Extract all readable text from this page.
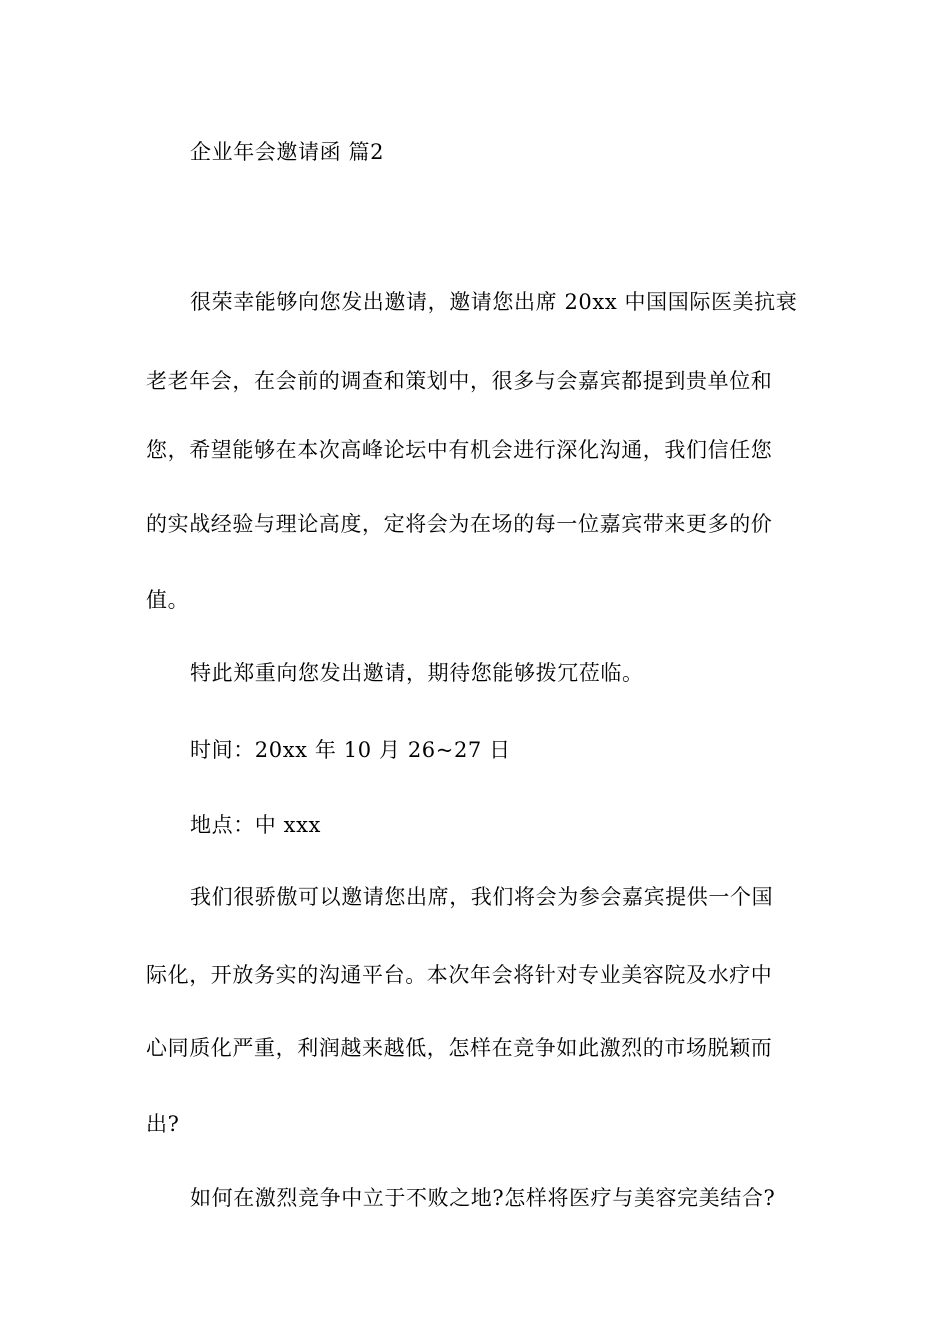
企业年会邀请函 篇2
很荣幸能够向您发出邀请，邀请您出席 20xx 中国国际医美抗衰
老老年会，在会前的调查和策划中，很多与会嘉宾都提到贵单位和
您，希望能够在本次高峰论坛中有机会进行深化沟通，我们信任您
的实战经验与理论高度，定将会为在场的每一位嘉宾带来更多的价
值。
特此郑重向您发出邀请，期待您能够拨冗莅临。
时间：20xx 年 10 月 26~27 日
地点：中 xxx
我们很骄傲可以邀请您出席，我们将会为参会嘉宾提供一个国
际化，开放务实的沟通平台。本次年会将针对专业美容院及水疗中
心同质化严重，利润越来越低，怎样在竞争如此激烈的市场脱颖而
出?
如何在激烈竞争中立于不败之地?怎样将医疗与美容完美结合?
